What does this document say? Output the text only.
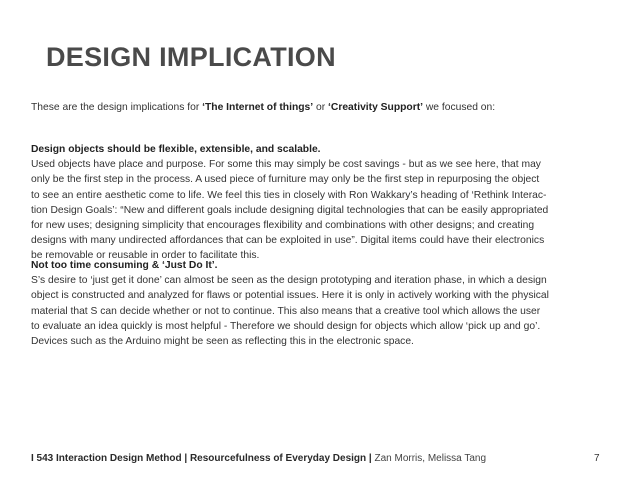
DESIGN IMPLICATION

These are the design implications for ‘The Internet of things’ or ‘Creativity Support’ we focused on:

Design objects should be flexible, extensible, and scalable.

Used objects have place and purpose. For some this may simply be cost savings - but as we see here, that may

only be the first step in the process. A used piece of furniture may only be the first step in repurposing the object

to see an entire aesthetic come to life. We feel this ties in closely with Ron Wakkary’s heading of ‘Rethink Interac-

tion Design Goals’: “New and different goals include designing digital technologies that can be easily appropriated

for new uses; designing simplicity that encourages flexibility and combinations with other designs; and creating

designs with many undirected affordances that can be exploited in use”. Digital items could have their electronics

be removable or reusable in order to facilitate this.

Not too time consuming & ‘Just Do It’.

S’s desire to ‘just get it done’ can almost be seen as the design prototyping and iteration phase, in which a design

object is constructed and analyzed for flaws or potential issues. Here it is only in actively working with the physical

material that S can decide whether or not to continue. This also means that a creative tool which allows the user

to evaluate an idea quickly is most helpful - Therefore we should design for objects which allow ‘pick up and go’.

Devices such as the Arduino might be seen as reflecting this in the electronic space.

I 543 Interaction Design Method | Resourcefulness of Everyday Design | Zan Morris, Melissa Tang	7
